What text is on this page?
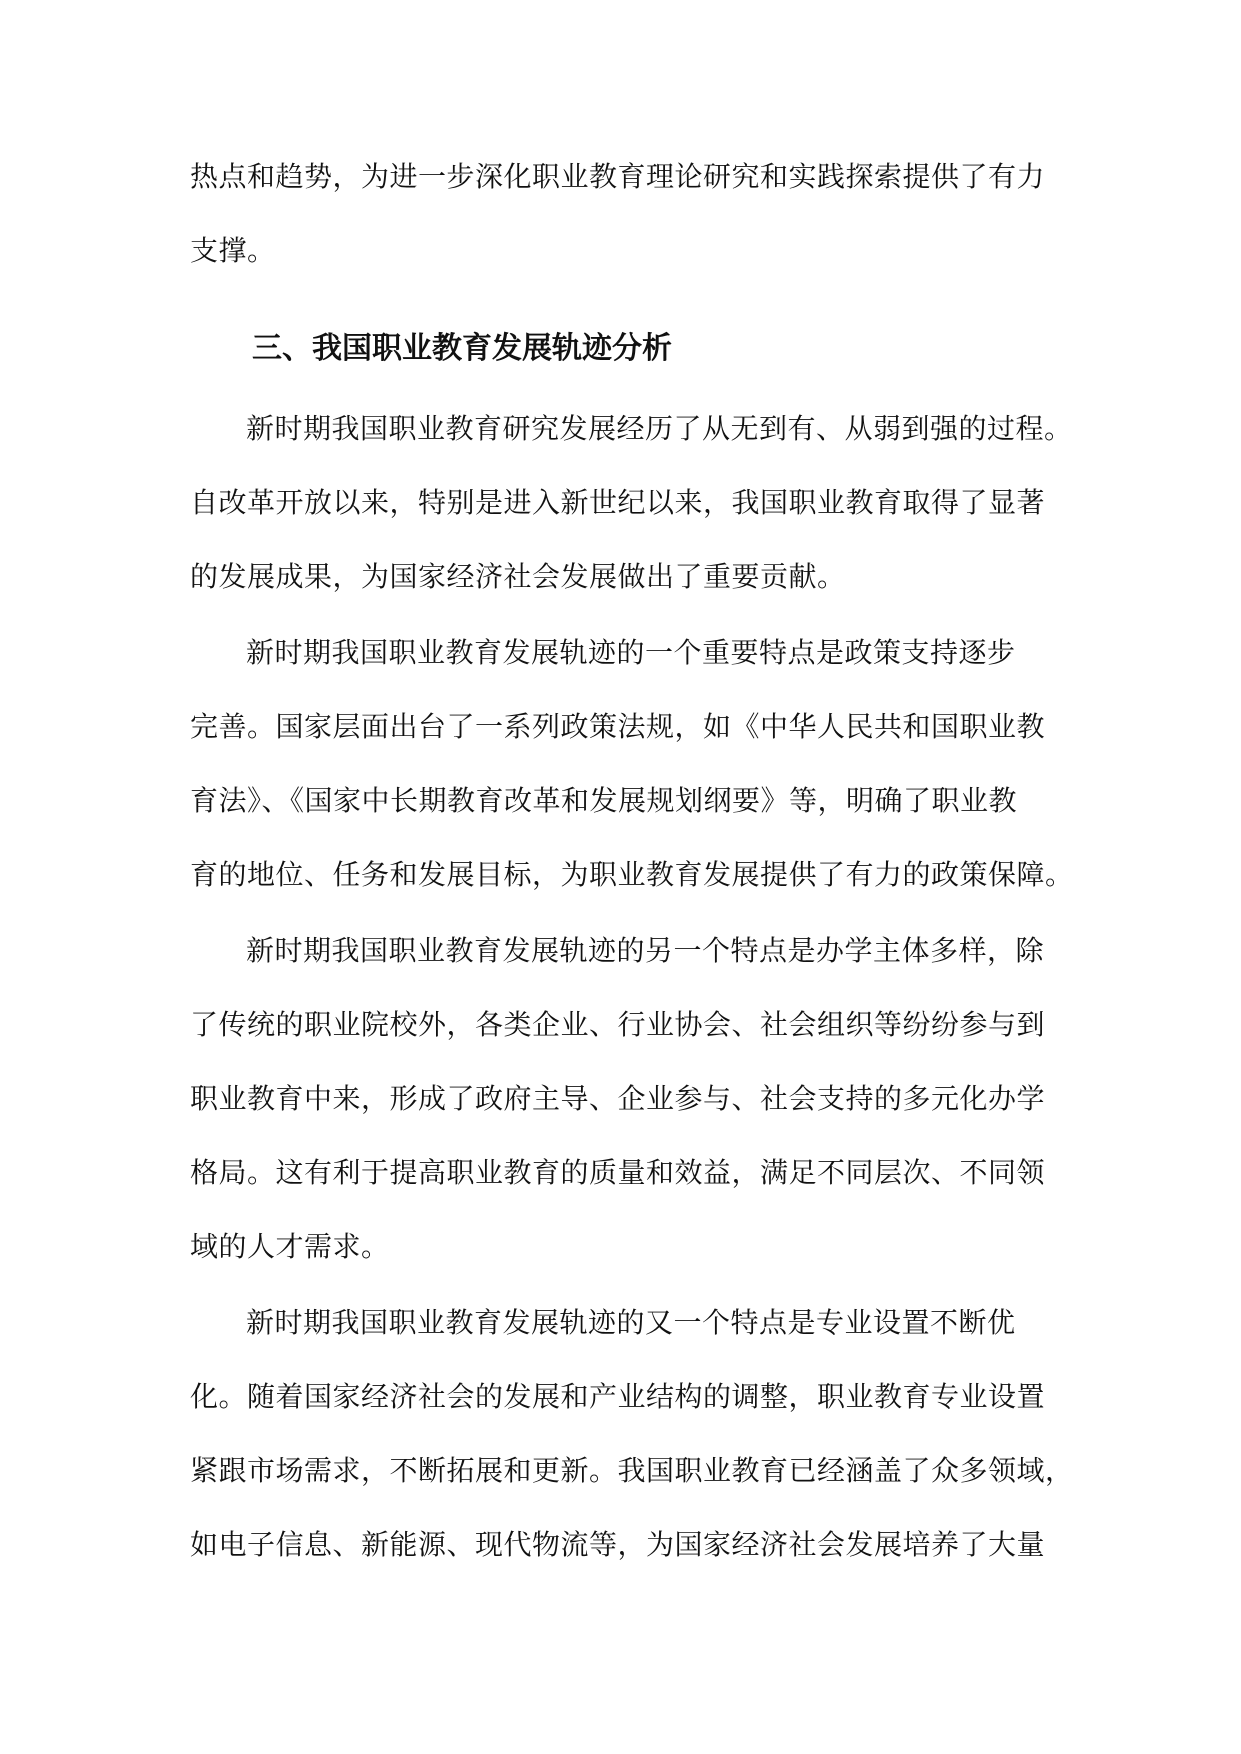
热点和趋势，为进一步深化职业教育理论研究和实践探索提供了有力
支撑。
三、我国职业教育发展轨迹分析
新时期我国职业教育研究发展经历了从无到有、从弱到强的过程。
自改革开放以来，特别是进入新世纪以来，我国职业教育取得了显著
的发展成果，为国家经济社会发展做出了重要贡献。
新时期我国职业教育发展轨迹的一个重要特点是政策支持逐步
完善。国家层面出台了一系列政策法规，如《中华人民共和国职业教
育法》、《国家中长期教育改革和发展规划纲要》等，明确了职业教
育的地位、任务和发展目标，为职业教育发展提供了有力的政策保障。
新时期我国职业教育发展轨迹的另一个特点是办学主体多样，除
了传统的职业院校外，各类企业、行业协会、社会组织等纷纷参与到
职业教育中来，形成了政府主导、企业参与、社会支持的多元化办学
格局。这有利于提高职业教育的质量和效益，满足不同层次、不同领
域的人才需求。
新时期我国职业教育发展轨迹的又一个特点是专业设置不断优
化。随着国家经济社会的发展和产业结构的调整，职业教育专业设置
紧跟市场需求，不断拓展和更新。我国职业教育已经涵盖了众多领域，
如电子信息、新能源、现代物流等，为国家经济社会发展培养了大量
